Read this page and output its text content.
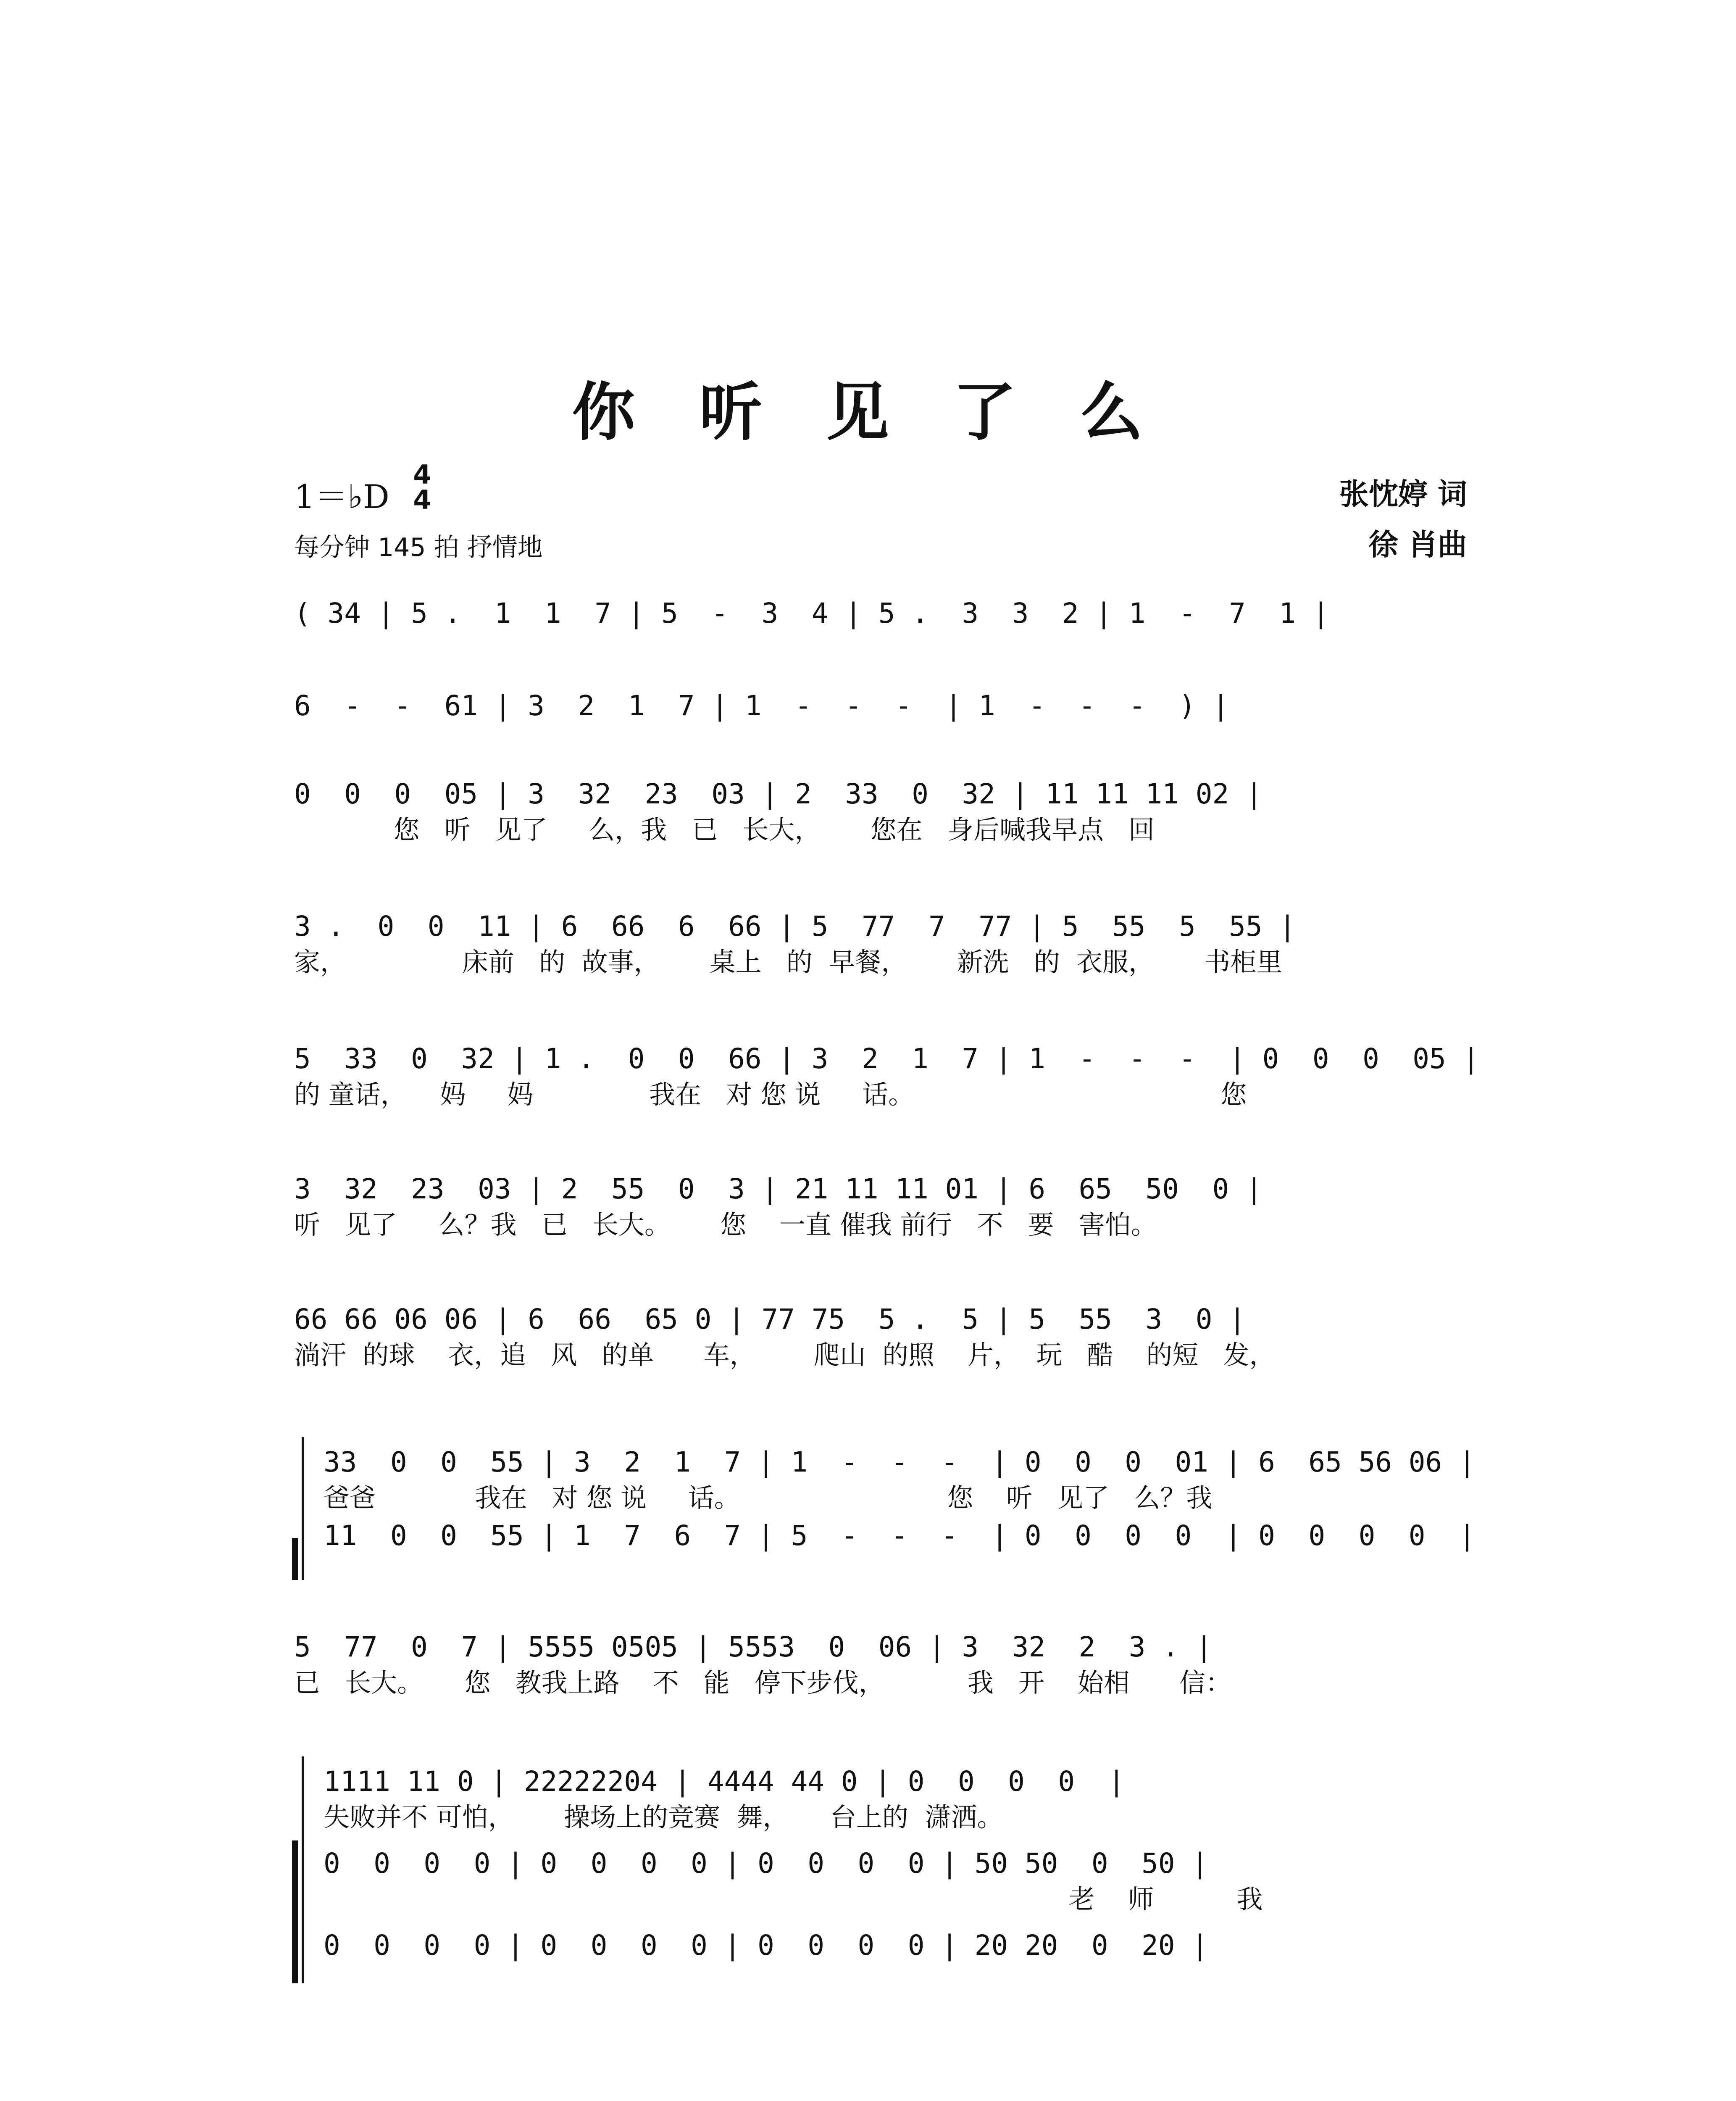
你 听 见 了 么
1＝♭D
4
4
每分钟 145 拍 抒情地
张忱婷 词
徐 肖曲
( 34 | 5 .  1  1  7 | 5  -  3  4 | 5 .  3  3  2 | 1  -  7  1 |
6  -  -  61 | 3  2  1  7 | 1  -  -  -  | 1  -  -  -  ) |
0  0  0  05 | 3  32  23  03 | 2  33  0  32 | 11 11 11 02 |
您   听   见了     么，我   已   长大，      您在   身后喊我早点   回
3 .  0  0  11 | 6  66  6  66 | 5  77  7  77 | 5  55  5  55 |
家，              床前   的  故事，      桌上   的  早餐，      新洗   的  衣服，      书柜里
5  33  0  32 | 1 .  0  0  66 | 3  2  1  7 | 1  -  -  -  | 0  0  0  05 |
的 童话，    妈     妈              我在   对 您 说     话。                                     您
3  32  23  03 | 2  55  0  3 | 21 11 11 01 | 6  65  50  0 |
听   见了     么？我   已   长大。      您    一直 催我 前行   不   要   害怕。
66 66 06 06 | 6  66  65 0 | 77 75  5 .  5 | 5  55  3  0 |
淌汗  的球    衣，追   风   的单      车，       爬山  的照    片，  玩   酷    的短   发，
33  0  0  55 | 3  2  1  7 | 1  -  -  -  | 0  0  0  01 | 6  65 56 06 |
爸爸            我在   对 您 说     话。                         您    听   见了   么？我
11  0  0  55 | 1  7  6  7 | 5  -  -  -  | 0  0  0  0  | 0  0  0  0  |
5  77  0  7 | 5555 0505 | 5553  0  06 | 3  32  2  3 . |
已   长大。     您   教我上路    不   能   停下步伐，          我   开    始相      信：
1111 11 0 | 22222204 | 4444 44 0 | 0  0  0  0  |
失败并不 可怕，      操场上的竞赛  舞，     台上的  潇洒。
0  0  0  0 | 0  0  0  0 | 0  0  0  0 | 50 50  0  50 |
老    师          我
0  0  0  0 | 0  0  0  0 | 0  0  0  0 | 20 20  0  20 |
